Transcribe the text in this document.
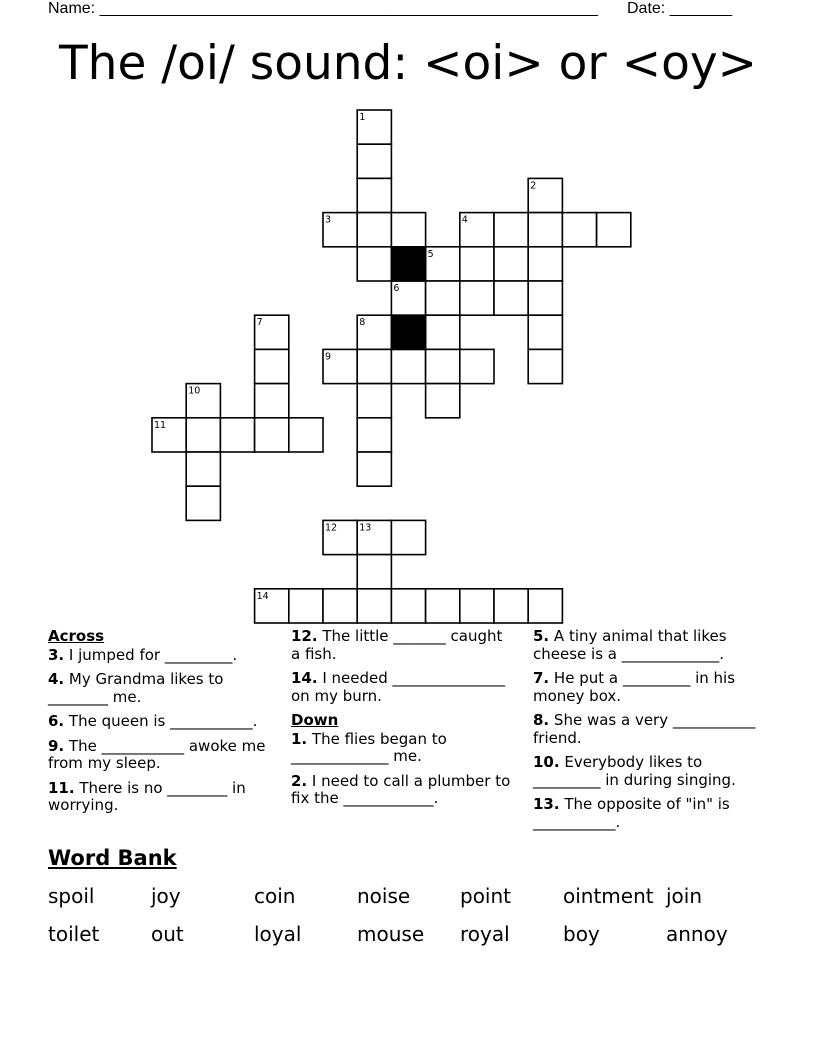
Name: ________________________________________________________ Date: _______
The /oi/ sound: <oi> or <oy>
1
2
3	4
5
6
7	8
9
10
11
12 13
14
Across
3. I jumped for _________.
4. My Grandma likes to ________ me.
6. The queen is ___________.
9. The ___________ awoke me from my sleep.
11. There is no ________ in worrying.
12. The little _______ caught a fish.
14. I needed _______________ on my burn.
Down
1. The flies began to _____________ me.
2. I need to call a plumber to fix the ____________.
5. A tiny animal that likes cheese is a _____________.
7. He put a _________ in his money box.
8. She was a very ___________ friend.
10. Everybody likes to _________ in during singing.
13. The opposite of "in" is ___________.
Word Bank
spoil	joy	coin	noise point	ointment join
toilet	out	loyal	mouse royal	boy	annoy
